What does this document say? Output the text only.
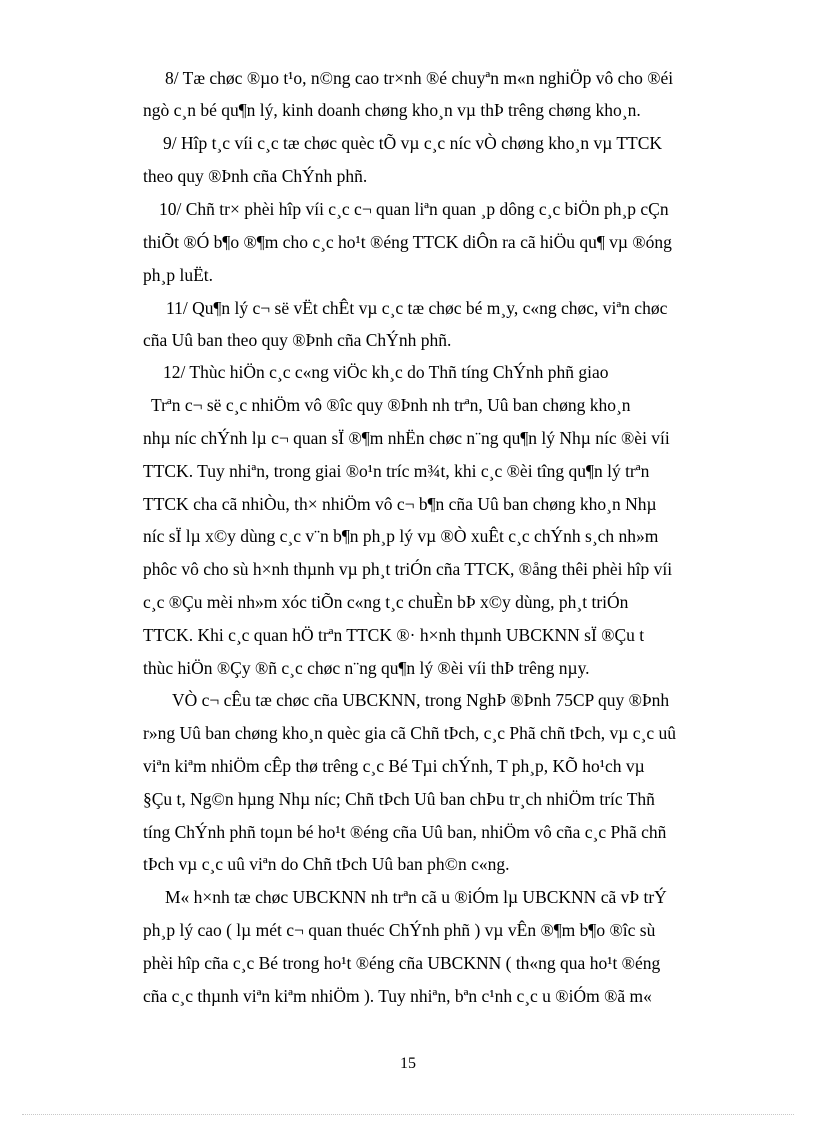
8/ Tæ chøc ®µo t¹o, n©ng cao tr×nh ®é chuyªn m«n nghiÖp vô cho ®éi
ngò c¸n bé qu¶n lý, kinh doanh chøng kho¸n vµ thÞ trêng chøng kho¸n.
9/ Hîp t¸c víi c¸c tæ chøc quèc tÕ vµ c¸c níc vÒ chøng kho¸n vµ TTCK
theo quy ®Þnh cña ChÝnh phñ.
10/ Chñ tr× phèi hîp víi c¸c c¬ quan liªn quan ¸p dông c¸c biÖn ph¸p cÇn
thiÕt ®Ó b¶o ®¶m cho c¸c ho¹t ®éng TTCK diÔn ra cã hiÖu qu¶ vµ ®óng
ph¸p luËt.
11/ Qu¶n lý c¬ së vËt chÊt vµ c¸c tæ chøc bé m¸y, c«ng chøc, viªn chøc
cña Uû ban theo quy ®Þnh cña ChÝnh phñ.
12/ Thùc hiÖn c¸c c«ng viÖc kh¸c do Thñ tíng ChÝnh phñ giao
Trªn c¬ së c¸c nhiÖm vô ®îc quy ®Þnh nh trªn, Uû ban chøng kho¸n
nhµ níc chÝnh lµ c¬ quan sÏ ®¶m nhËn chøc n¨ng qu¶n lý Nhµ níc ®èi víi
TTCK. Tuy nhiªn, trong giai ®o¹n tríc m¾t, khi c¸c ®èi tîng qu¶n lý trªn
TTCK cha cã nhiÒu, th× nhiÖm vô c¬ b¶n cña Uû ban chøng kho¸n Nhµ
níc sÏ lµ x©y dùng c¸c v¨n b¶n ph¸p lý vµ ®Ò xuÊt c¸c chÝnh s¸ch nh»m
phôc vô cho sù h×nh thµnh vµ ph¸t triÓn cña TTCK, ®ång thêi phèi hîp víi
c¸c ®Çu mèi nh»m xóc tiÕn c«ng t¸c chuÈn bÞ x©y dùng, ph¸t triÓn
TTCK. Khi c¸c quan hÖ trªn TTCK ®· h×nh thµnh UBCKNN sÏ ®Çu t
thùc hiÖn ®Çy ®ñ c¸c chøc n¨ng qu¶n lý ®èi víi thÞ trêng nµy.
VÒ c¬ cÊu tæ chøc cña UBCKNN, trong NghÞ ®Þnh 75CP quy ®Þnh
r»ng Uû ban chøng kho¸n quèc gia cã Chñ tÞch, c¸c Phã chñ tÞch, vµ c¸c uû
viªn kiªm nhiÖm cÊp thø trêng c¸c Bé Tµi chÝnh, T ph¸p, KÕ ho¹ch vµ
§Çu t, Ng©n hµng Nhµ níc; Chñ tÞch Uû ban chÞu tr¸ch nhiÖm tríc Thñ
tíng ChÝnh phñ toµn bé ho¹t ®éng cña Uû ban, nhiÖm vô cña c¸c Phã chñ
tÞch vµ c¸c uû viªn do Chñ tÞch Uû ban ph©n c«ng.
M« h×nh tæ chøc UBCKNN nh trªn cã u ®iÓm lµ UBCKNN cã vÞ trÝ
ph¸p lý cao ( lµ mét c¬ quan thuéc ChÝnh phñ ) vµ vÊn ®¶m b¶o ®îc sù
phèi hîp cña c¸c Bé trong ho¹t ®éng cña UBCKNN ( th«ng qua ho¹t ®éng
cña c¸c thµnh viªn kiªm nhiÖm ). Tuy nhiªn, bªn c¹nh c¸c u ®iÓm ®ã m«
15
